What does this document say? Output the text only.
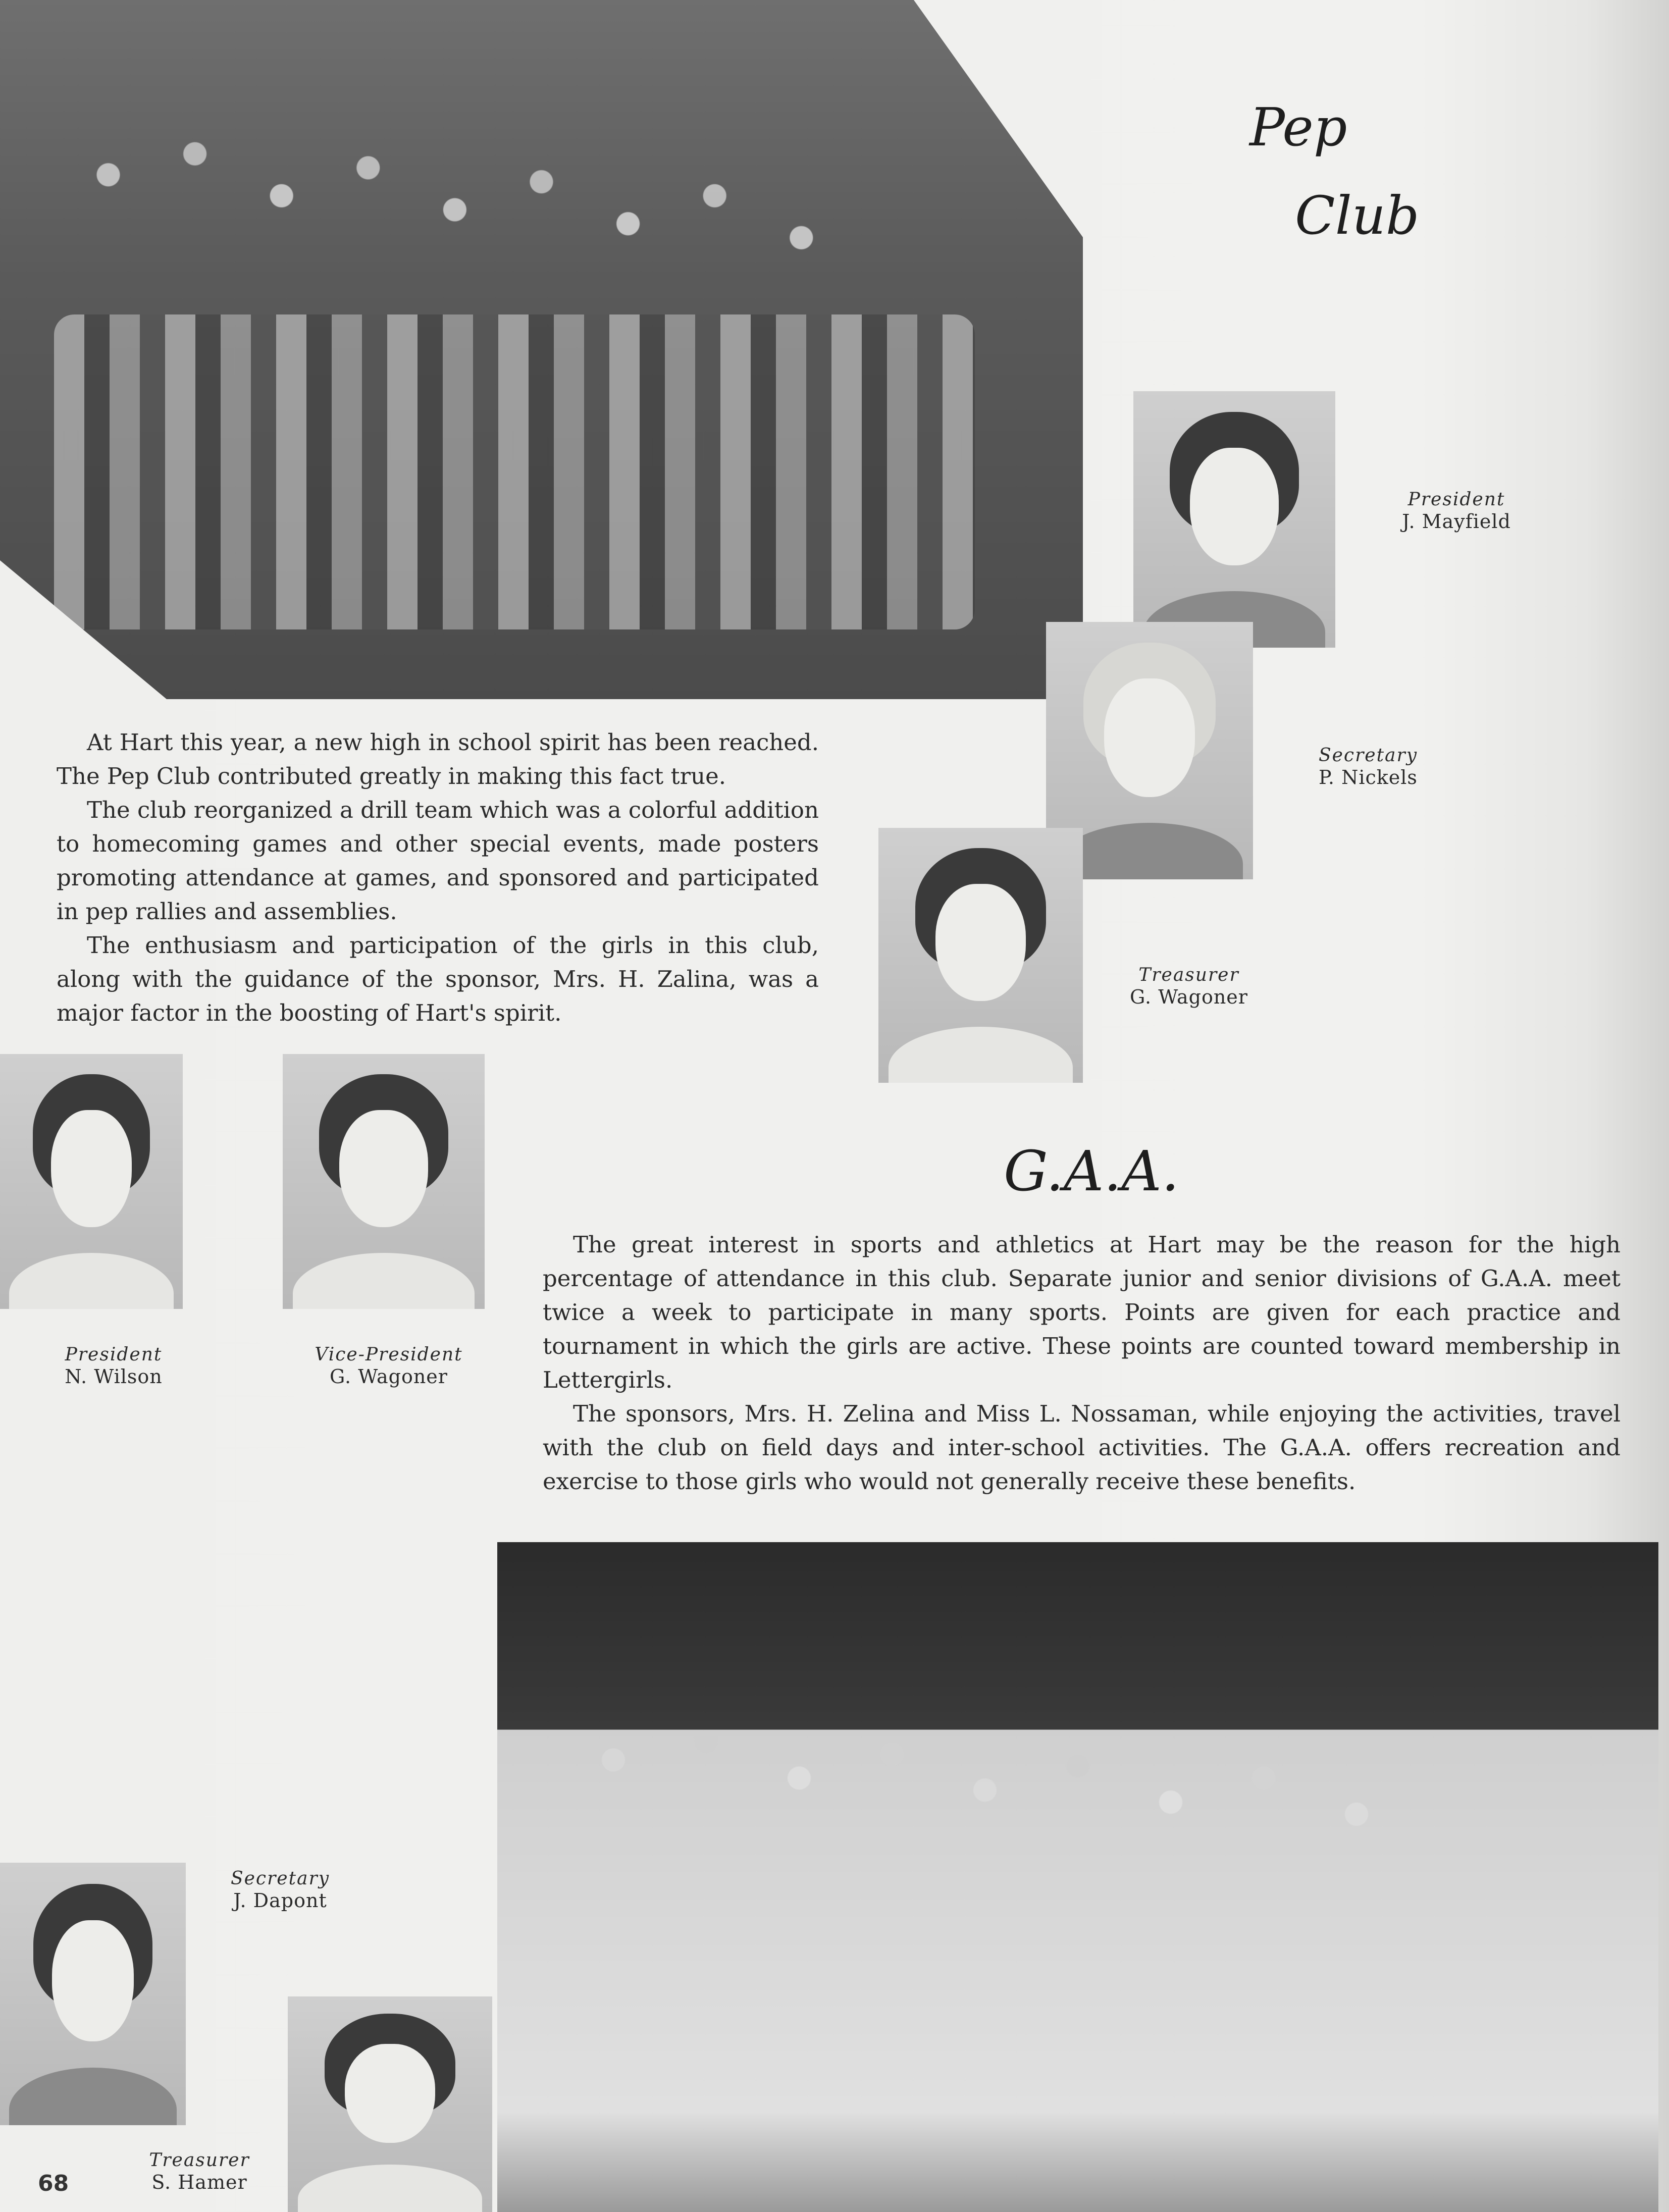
Pep
Club
President
J. Mayfield
Secretary
P. Nickels
Treasurer
G. Wagoner

At Hart this year, a new high in school spirit has been reached. The Pep Club contributed greatly in making this fact true.

The club reorganized a drill team which was a colorful addition to homecoming games and other special events, made posters promoting attendance at games, and sponsored and participated in pep rallies and assemblies.

The enthusiasm and participation of the girls in this club, along with the guidance of the sponsor, Mrs. H. Zalina, was a major factor in the boosting of Hart's spirit.

President
N. Wilson
Vice-President
G. Wagoner
G.A.A.

The great interest in sports and athletics at Hart may be the reason for the high percentage of attendance in this club. Separate junior and senior divisions of G.A.A. meet twice a week to participate in many sports. Points are given for each practice and tournament in which the girls are active. These points are counted toward membership in Lettergirls.

The sponsors, Mrs. H. Zelina and Miss L. Nossaman, while enjoying the activities, travel with the club on field days and inter-school activities. The G.A.A. offers recreation and exercise to those girls who would not generally receive these benefits.

Secretary
J. Dapont
Treasurer
S. Hamer
68
